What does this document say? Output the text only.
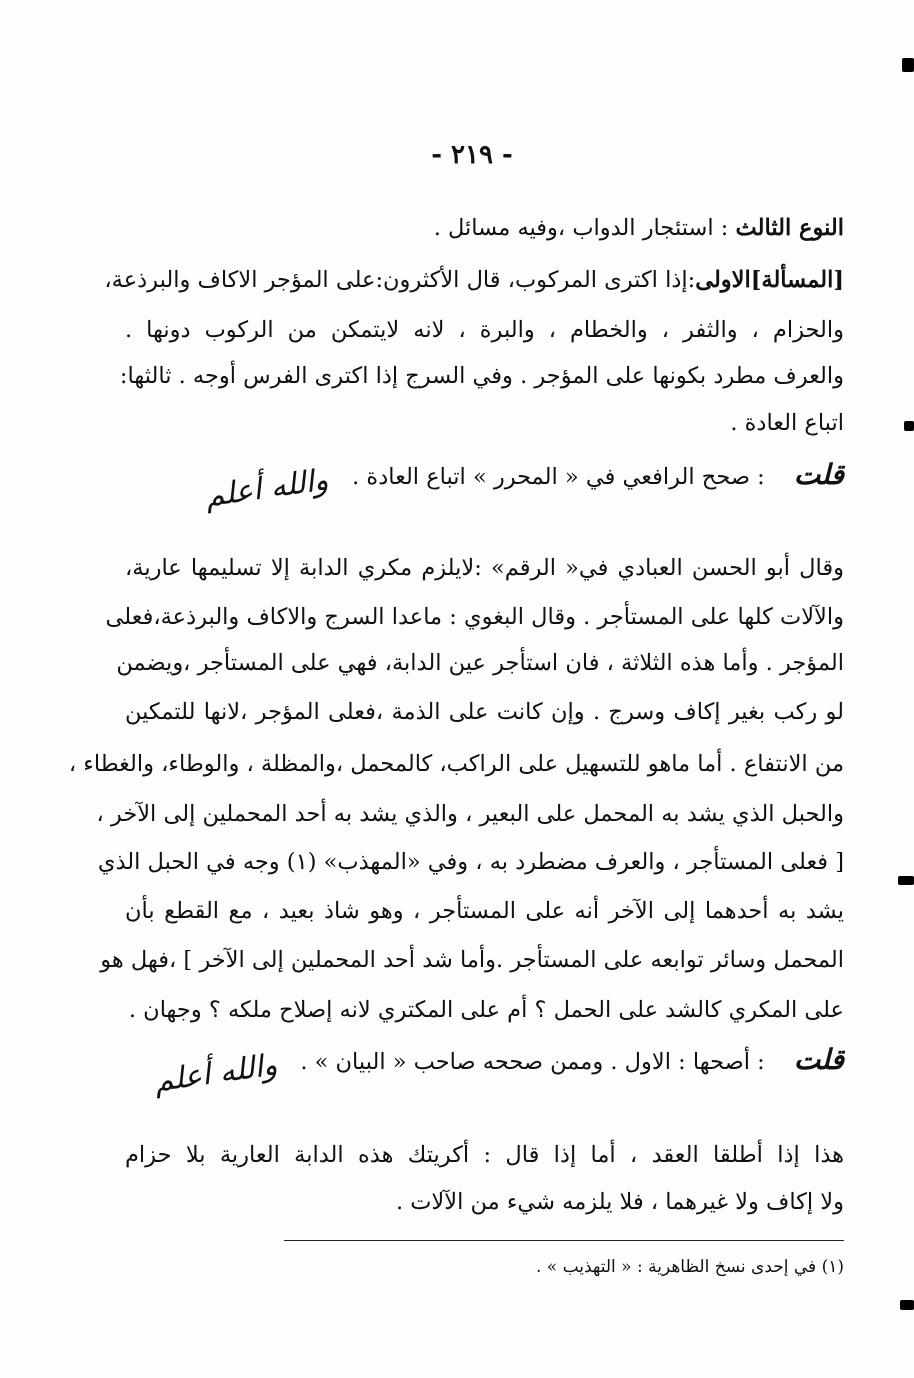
- ٢١٩ -
النوع الثالث : استئجار الدواب ،وفيه مسائل .
[المسألة]الاولى:إذا اكترى المركوب، قال الأكثرون:على المؤجر الاكاف والبرذعة،
والحزام ، والثفر ، والخطام ، والبرة ، لانه لايتمكن من الركوب دونها .
والعرف مطرد بكونها على المؤجر . وفي السرج إذا اكترى الفرس أوجه . ثالثها:
اتباع العادة .
قلت : صحح الرافعي في « المحرر » اتباع العادة . والله أعلم
وقال أبو الحسن العبادي في« الرقم» :لايلزم مكري الدابة إلا تسليمها عارية،
والآلات كلها على المستأجر . وقال البغوي : ماعدا السرج والاكاف والبرذعة،فعلى
المؤجر . وأما هذه الثلاثة ، فان استأجر عين الدابة، فهي على المستأجر ،ويضمن
لو ركب بغير إكاف وسرج . وإن كانت على الذمة ،فعلى المؤجر ،لانها للتمكين
من الانتفاع . أما ماهو للتسهيل على الراكب، كالمحمل ،والمظلة ، والوطاء، والغطاء ،
والحبل الذي يشد به المحمل على البعير ، والذي يشد به أحد المحملين إلى الآخر ،
[ فعلى المستأجر ، والعرف مضطرد به ، وفي «المهذب» (١) وجه في الحبل الذي
يشد به أحدهما إلى الآخر أنه على المستأجر ، وهو شاذ بعيد ، مع القطع بأن
المحمل وسائر توابعه على المستأجر .وأما شد أحد المحملين إلى الآخر ] ،فهل هو
على المكري كالشد على الحمل ؟ أم على المكتري لانه إصلاح ملكه ؟ وجهان .
قلت : أصحها : الاول . وممن صححه صاحب « البيان » . والله أعلم
هذا إذا أطلقا العقد ، أما إذا قال : أكريتك هذه الدابة العارية بلا حزام
ولا إكاف ولا غيرهما ، فلا يلزمه شيء من الآلات .
(١) في إحدى نسخ الظاهرية : « التهذيب » .
